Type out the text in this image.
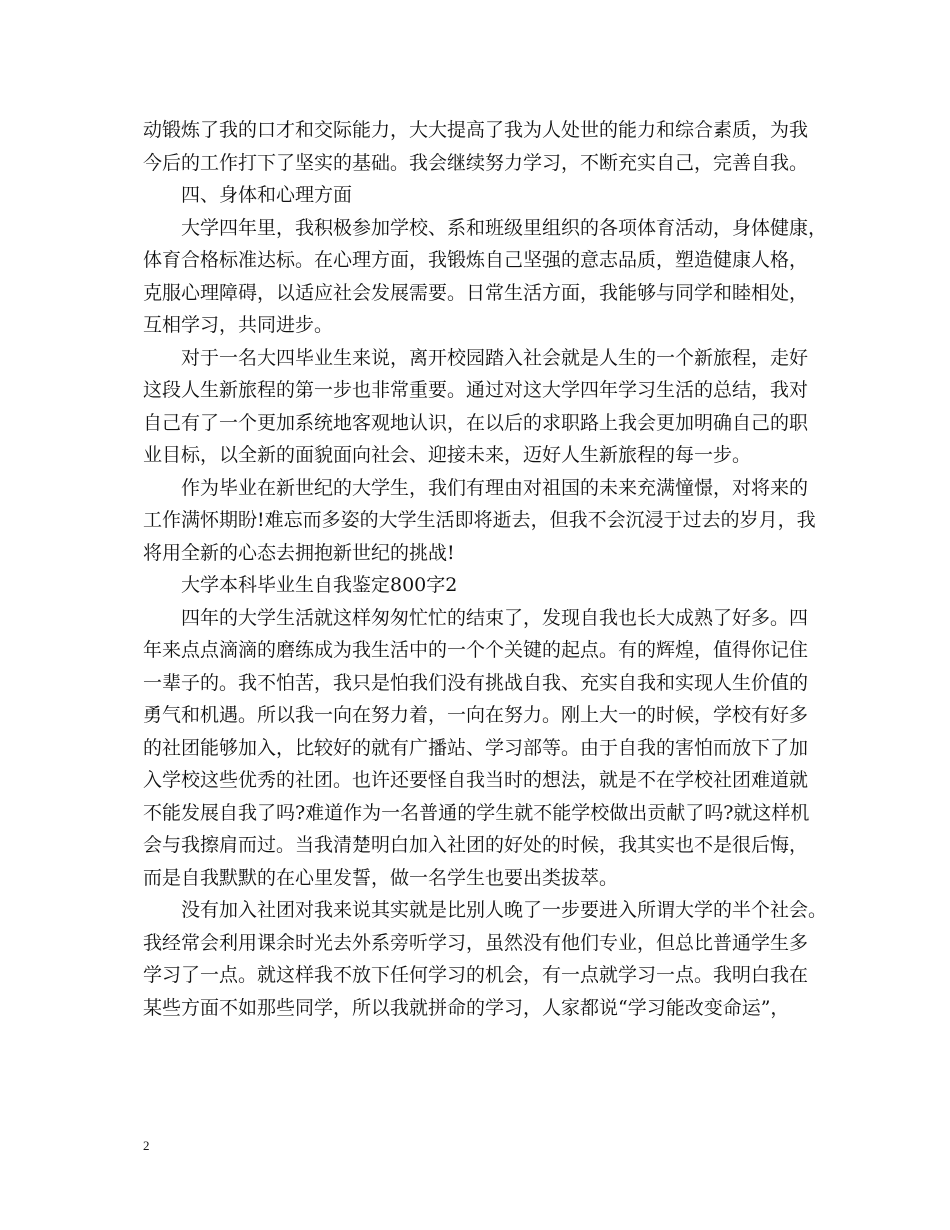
动锻炼了我的口才和交际能力，大大提高了我为人处世的能力和综合素质，为我
今后的工作打下了坚实的基础。我会继续努力学习，不断充实自己，完善自我。
四、身体和心理方面
大学四年里，我积极参加学校、系和班级里组织的各项体育活动，身体健康，
体育合格标准达标。在心理方面，我锻炼自己坚强的意志品质，塑造健康人格，
克服心理障碍，以适应社会发展需要。日常生活方面，我能够与同学和睦相处，
互相学习，共同进步。
对于一名大四毕业生来说，离开校园踏入社会就是人生的一个新旅程，走好
这段人生新旅程的第一步也非常重要。通过对这大学四年学习生活的总结，我对
自己有了一个更加系统地客观地认识，在以后的求职路上我会更加明确自己的职
业目标，以全新的面貌面向社会、迎接未来，迈好人生新旅程的每一步。
作为毕业在新世纪的大学生，我们有理由对祖国的未来充满憧憬，对将来的
工作满怀期盼!难忘而多姿的大学生活即将逝去，但我不会沉浸于过去的岁月，我
将用全新的心态去拥抱新世纪的挑战!
大学本科毕业生自我鉴定800字2
四年的大学生活就这样匆匆忙忙的结束了，发现自我也长大成熟了好多。四
年来点点滴滴的磨练成为我生活中的一个个关键的起点。有的辉煌，值得你记住
一辈子的。我不怕苦，我只是怕我们没有挑战自我、充实自我和实现人生价值的
勇气和机遇。所以我一向在努力着，一向在努力。刚上大一的时候，学校有好多
的社团能够加入，比较好的就有广播站、学习部等。由于自我的害怕而放下了加
入学校这些优秀的社团。也许还要怪自我当时的想法，就是不在学校社团难道就
不能发展自我了吗?难道作为一名普通的学生就不能学校做出贡献了吗?就这样机
会与我擦肩而过。当我清楚明白加入社团的好处的时候，我其实也不是很后悔，
而是自我默默的在心里发誓，做一名学生也要出类拔萃。
没有加入社团对我来说其实就是比别人晚了一步要进入所谓大学的半个社会。
我经常会利用课余时光去外系旁听学习，虽然没有他们专业，但总比普通学生多
学习了一点。就这样我不放下任何学习的机会，有一点就学习一点。我明白我在
某些方面不如那些同学，所以我就拼命的学习，人家都说“学习能改变命运”，
2
